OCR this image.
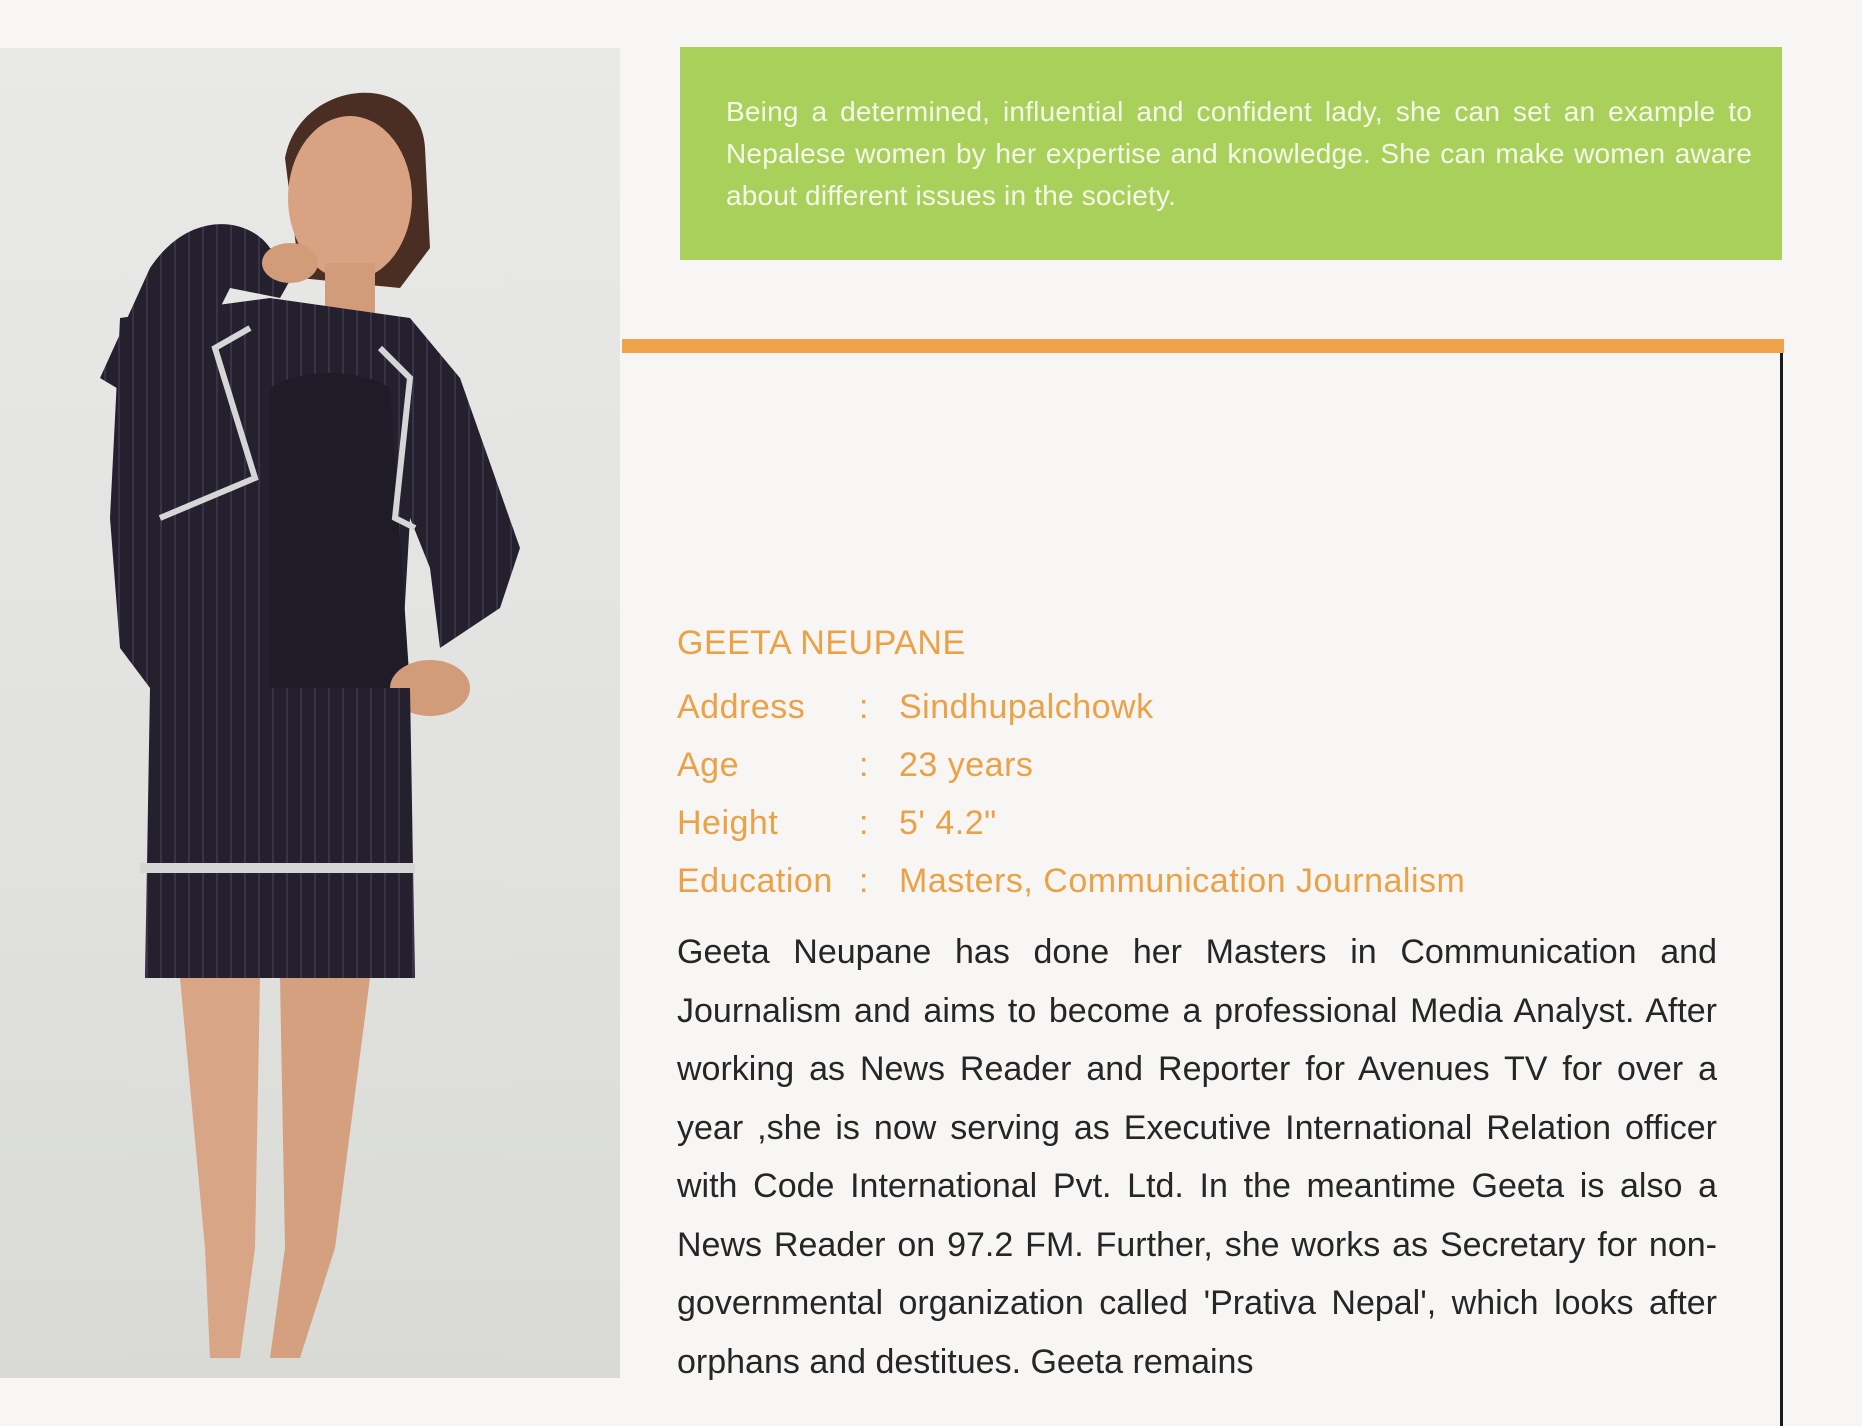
Being a determined, influential and confident lady, she can set an example to Nepalese women by her expertise and knowledge. She can make women aware about different issues in the society.

GEETA NEUPANE
Address	: Sindhupalchowk
Age	: 23 years
Height	: 5' 4.2"
Education : Masters, Communication Journalism

Geeta Neupane has done her Masters in Communication and Journalism and aims to become a professional Media Analyst. After working as News Reader and Reporter for Avenues TV for over a year ,she is now serving as Executive International Relation officer with Code International Pvt. Ltd. In the meantime Geeta is also a News Reader on 97.2 FM. Further, she works as Secretary for non-governmental organization called 'Prativa Nepal', which looks after orphans and destitues. Geeta remains
